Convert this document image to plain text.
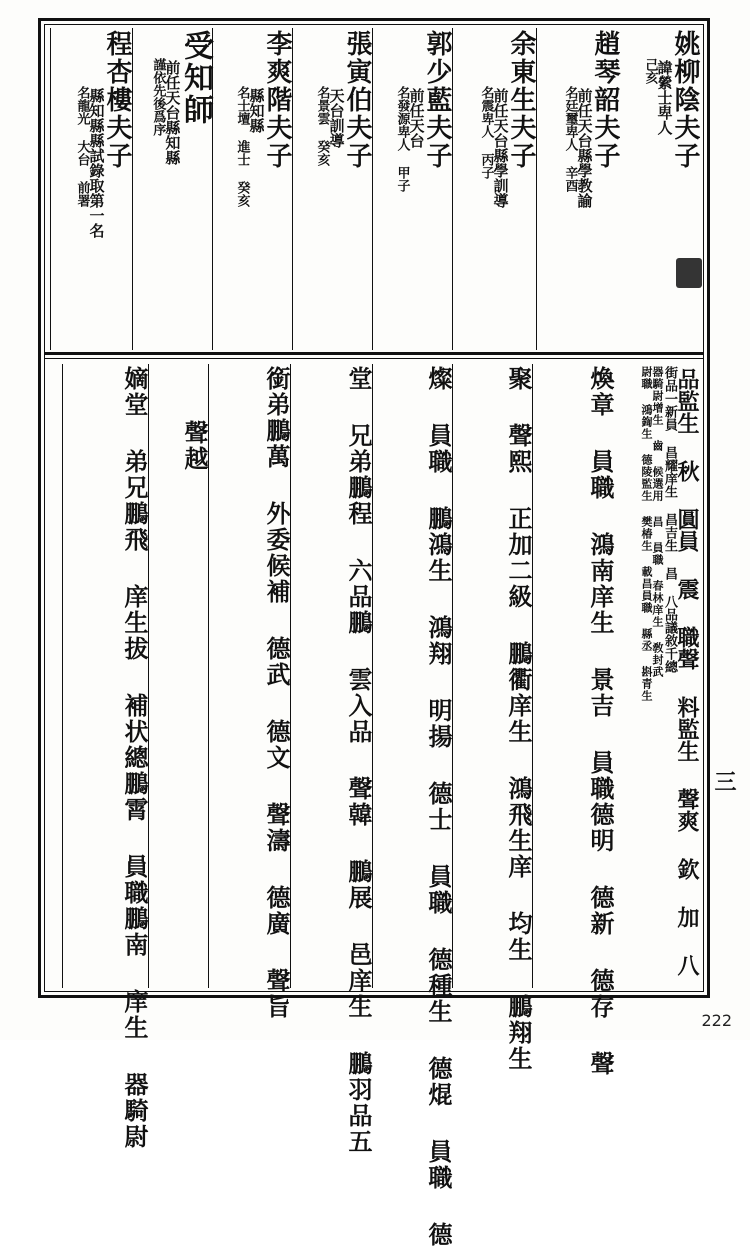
姚柳陰夫子
諱縈士卑人
己亥
趙琴韶夫子
前任天台縣學教諭
名廷璽卑人 辛酉
余東生夫子
前任天台縣學訓導
名震卑人 丙子
郭少藍夫子
前任天台
名發源卑人 甲子
張寅伯夫子
天台訓導
名景雲 癸亥
李爽階夫子
縣知縣
名士壇 進士 癸亥
受知師
前任天台縣知縣
謹依先後爲序
程杏樓夫子
縣知縣縣試錄取第一名
名龍光 大台 前署
品監生 秋 圓員 震 職聲 料監生 聲爽 欽 加 八
街品一新員 昌耀庠生 昌吉生 昌 八品議敘千總
器騎尉增生 齒 候選用 昌 員職 春林庠生 敎封武
尉職 鴻鍧生 德陵監生 樊椿生 載昌員職 縣丞 斟青生
煥章 員職 鴻南庠生 景吉 員職德明 德新 德存 聲
聚 聲熙 正加二級 鵬衢庠生 鴻飛生庠 均生 鵬翔生
燦 員職 鵬鴻生 鴻翔 明揚 德士 員職 德種生 德焜 員職 德
堂 兄弟鵬程 六品鵬 雲入品 聲韓 鵬展 邑庠生 鵬羽品五
銜弟鵬萬 外委候補 德武 德文 聲濤 德廣 聲旨
聲越
嫡堂 弟兄鵬飛 庠生拔 補状總鵬霄 員職鵬南 庠生 器騎尉	三
222
